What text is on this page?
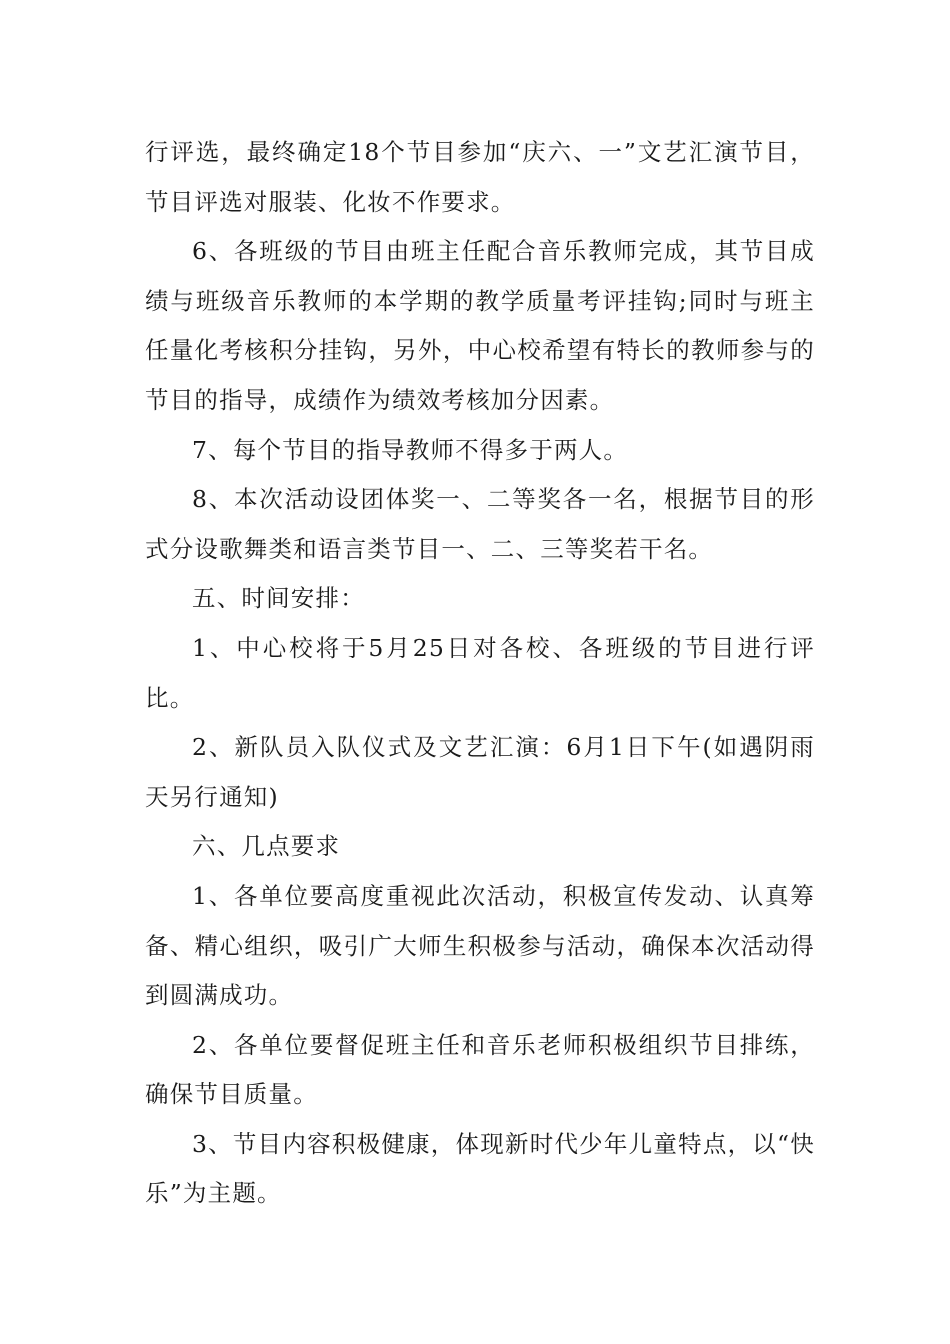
行评选，最终确定18个节目参加“庆六、一”文艺汇演节目，节目评选对服装、化妆不作要求。

6、各班级的节目由班主任配合音乐教师完成，其节目成绩与班级音乐教师的本学期的教学质量考评挂钩;同时与班主任量化考核积分挂钩，另外，中心校希望有特长的教师参与的节目的指导，成绩作为绩效考核加分因素。

7、每个节目的指导教师不得多于两人。

8、本次活动设团体奖一、二等奖各一名，根据节目的形式分设歌舞类和语言类节目一、二、三等奖若干名。

五、时间安排：

1、中心校将于5月25日对各校、各班级的节目进行评比。

2、新队员入队仪式及文艺汇演：6月1日下午(如遇阴雨天另行通知)

六、几点要求

1、各单位要高度重视此次活动，积极宣传发动、认真筹备、精心组织，吸引广大师生积极参与活动，确保本次活动得到圆满成功。

2、各单位要督促班主任和音乐老师积极组织节目排练，确保节目质量。

3、节目内容积极健康，体现新时代少年儿童特点，以“快乐”为主题。
